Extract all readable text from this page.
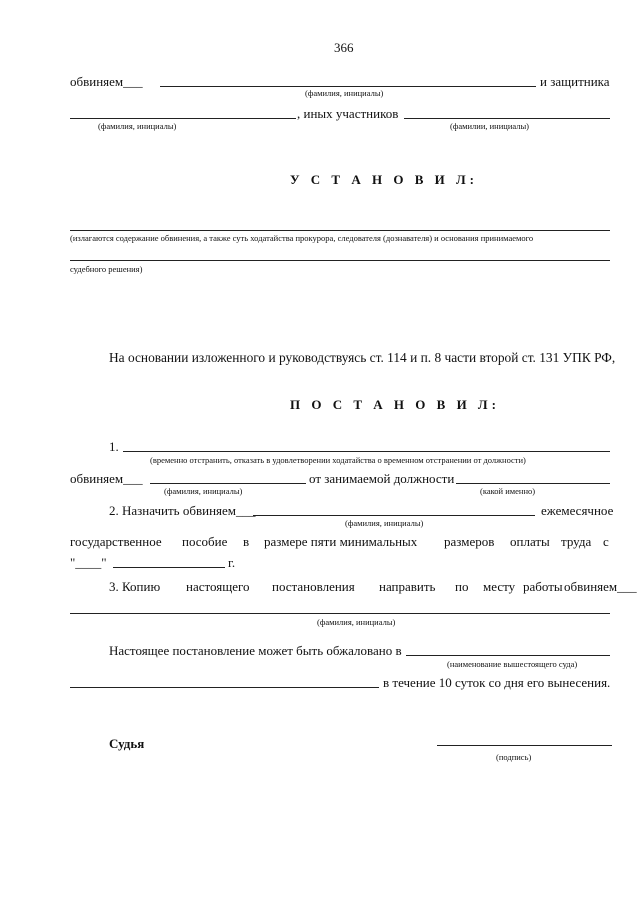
366
обвиняем___
(фамилия, инициалы)
и защитника
(фамилия, инициалы)
, иных участников
(фамилии, инициалы)
У С Т А Н О В И Л:
(излагаются содержание обвинения, а также суть ходатайства прокурора, следователя (дознавателя) и основания принимаемого
судебного решения)
На основании изложенного и руководствуясь ст. 114 и п. 8 части второй ст. 131 УПК РФ,
П О С Т А Н О В И Л:
1.
(временно отстранить, отказать в удовлетворении ходатайства о временном отстранении от должности)
обвиняем___
(фамилия, инициалы)
от занимаемой должности
(какой именно)
2. Назначить обвиняем___	ежемесячное
(фамилия, инициалы)
государственное пособие в размере пяти минимальных размеров оплаты труда с
"____"	г.
3. Копию настоящего постановления направить по месту работы обвиняем___
(фамилия, инициалы)
Настоящее постановление может быть обжаловано в
(наименование вышестоящего суда)
в течение 10 суток со дня его вынесения.
Судья
(подпись)
